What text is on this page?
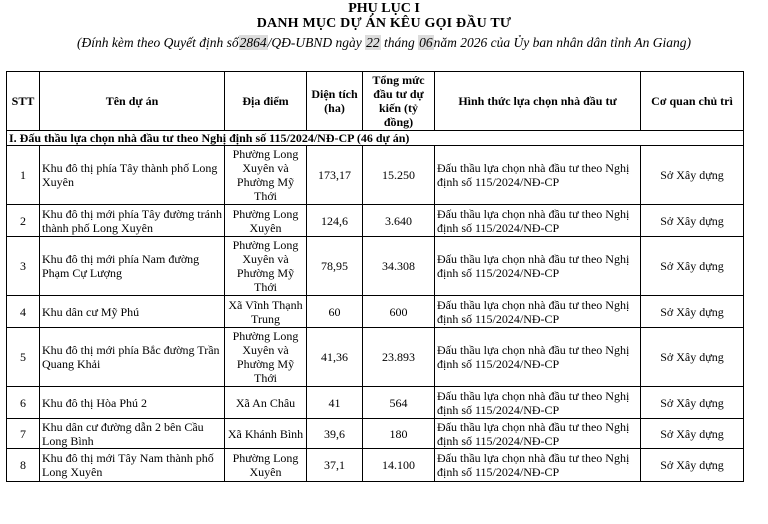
PHỤ LỤC I
DANH MỤC DỰ ÁN KÊU GỌI ĐẦU TƯ
(Đính kèm theo Quyết định số2864/QĐ-UBND ngày 22 tháng 06năm 2026 của Ủy ban nhân dân tỉnh An Giang)
STT	Tên dự án	Địa điểm	Diện tích (ha)	Tổng mức đầu tư dự kiến (tỷ đồng)	Hình thức lựa chọn nhà đầu tư	Cơ quan chủ trì
I. Đấu thầu lựa chọn nhà đầu tư theo Nghị định số 115/2024/NĐ-CP (46 dự án)						
1	Khu đô thị phía Tây thành phố Long Xuyên	Phường Long Xuyên và Phường Mỹ Thới	173,17	15.250	Đấu thầu lựa chọn nhà đầu tư theo Nghị định số 115/2024/NĐ-CP	Sở Xây dựng
2	Khu đô thị mới phía Tây đường tránh thành phố Long Xuyên	Phường Long Xuyên	124,6	3.640	Đấu thầu lựa chọn nhà đầu tư theo Nghị định số 115/2024/NĐ-CP	Sở Xây dựng
3	Khu đô thị mới phía Nam đường Phạm Cự Lượng	Phường Long Xuyên và Phường Mỹ Thới	78,95	34.308	Đấu thầu lựa chọn nhà đầu tư theo Nghị định số 115/2024/NĐ-CP	Sở Xây dựng
4	Khu dân cư Mỹ Phú	Xã Vĩnh Thạnh Trung	60	600	Đấu thầu lựa chọn nhà đầu tư theo Nghị định số 115/2024/NĐ-CP	Sở Xây dựng
5	Khu đô thị mới phía Bắc đường Trần Quang Khải	Phường Long Xuyên và Phường Mỹ Thới	41,36	23.893	Đấu thầu lựa chọn nhà đầu tư theo Nghị định số 115/2024/NĐ-CP	Sở Xây dựng
6	Khu đô thị Hòa Phú 2	Xã An Châu	41	564	Đấu thầu lựa chọn nhà đầu tư theo Nghị định số 115/2024/NĐ-CP	Sở Xây dựng
7	Khu dân cư đường dẫn 2 bên Cầu Long Bình	Xã Khánh Bình	39,6	180	Đấu thầu lựa chọn nhà đầu tư theo Nghị định số 115/2024/NĐ-CP	Sở Xây dựng
8	Khu đô thị mới Tây Nam thành phố Long Xuyên	Phường Long Xuyên	37,1	14.100	Đấu thầu lựa chọn nhà đầu tư theo Nghị định số 115/2024/NĐ-CP	Sở Xây dựng
